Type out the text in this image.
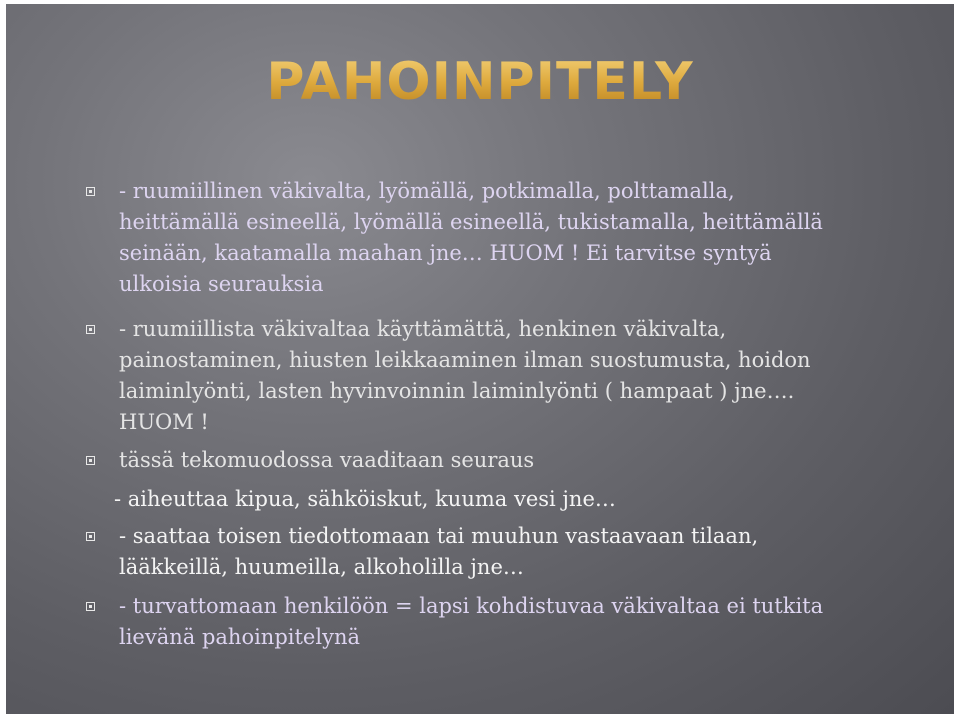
PAHOINPITELY
- ruumiillinen väkivalta, lyömällä, potkimalla, polttamalla,
heittämällä esineellä, lyömällä esineellä, tukistamalla, heittämällä
seinään, kaatamalla maahan jne… HUOM ! Ei tarvitse syntyä
ulkoisia seurauksia
- ruumiillista väkivaltaa käyttämättä, henkinen väkivalta,
painostaminen, hiusten leikkaaminen ilman suostumusta, hoidon
laiminlyönti, lasten hyvinvoinnin laiminlyönti ( hampaat ) jne….
HUOM !
tässä tekomuodossa vaaditaan seuraus
- aiheuttaa kipua, sähköiskut, kuuma vesi jne…
- saattaa toisen tiedottomaan tai muuhun vastaavaan tilaan,
lääkkeillä, huumeilla, alkoholilla jne…
- turvattomaan henkilöön = lapsi kohdistuvaa väkivaltaa ei tutkita
lievänä pahoinpitelynä
